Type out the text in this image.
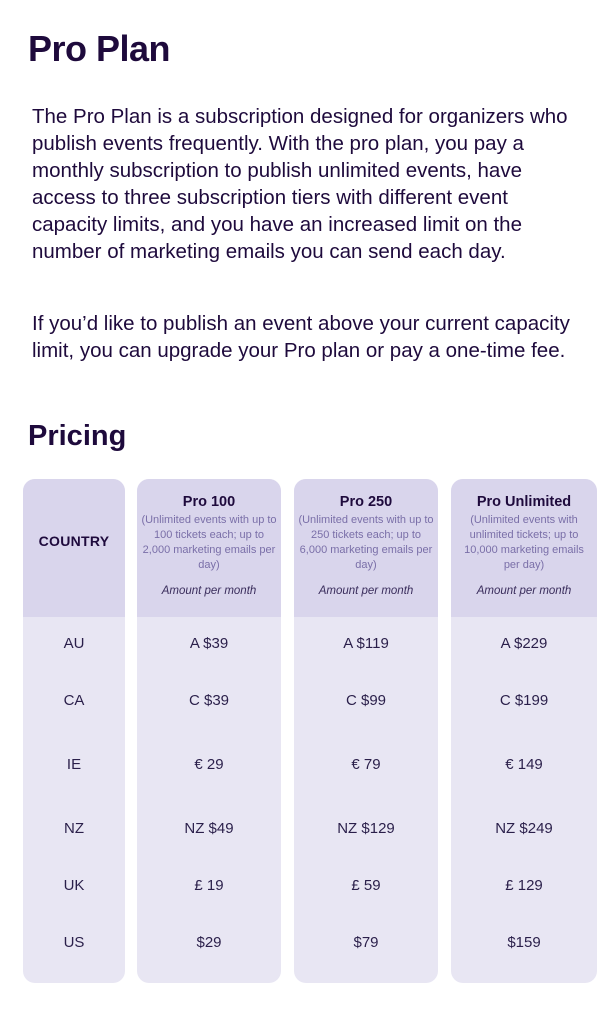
Pro Plan

The Pro Plan is a subscription designed for organizers who publish events frequently. With the pro plan, you pay a monthly subscription to publish unlimited events, have access to three subscription tiers with different event capacity limits, and you have an increased limit on the number of marketing emails you can send each day.

If you’d like to publish an event above your current capacity limit, you can upgrade your Pro plan or pay a one-time fee.

Pricing
COUNTRY
AU
CA
IE
NZ
UK
US
Pro 100
(Unlimited events with up to 100 tickets each; up to 2,000 marketing emails per day)
Amount per month
A $39
C $39
€ 29
NZ $49
£ 19
$29
Pro 250
(Unlimited events with up to 250 tickets each; up to 6,000 marketing emails per day)
Amount per month
A $119
C $99
€ 79
NZ $129
£ 59
$79
Pro Unlimited
(Unlimited events with unlimited tickets; up to 10,000 marketing emails per day)
Amount per month
A $229
C $199
€ 149
NZ $249
£ 129
$159
